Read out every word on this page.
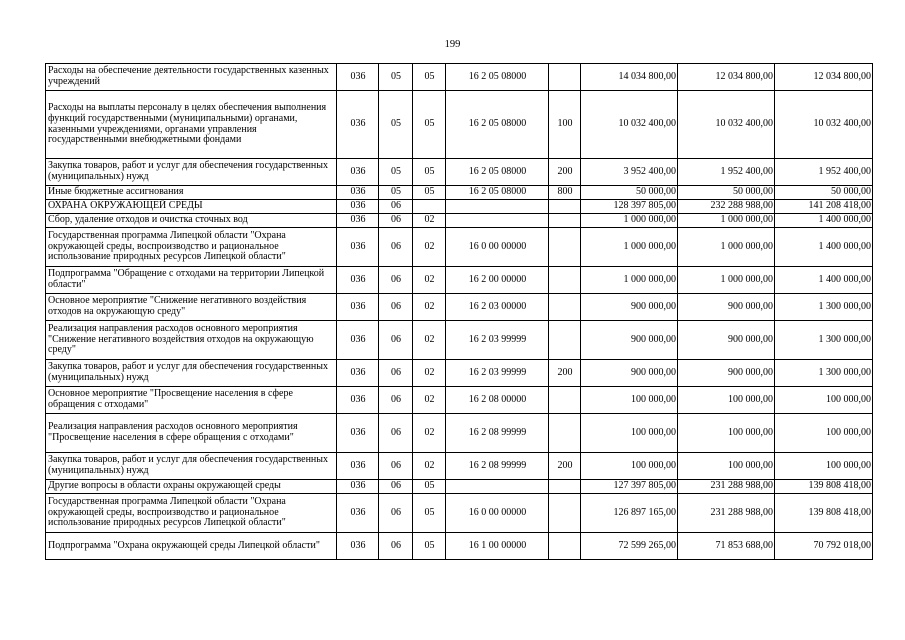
199
Расходы на обеспечение деятельности государственных казенных учреждений	036	05	05	16 2 05 08000		14 034 800,00	12 034 800,00	12 034 800,00
Расходы на выплаты персоналу в целях обеспечения выполнения функций государственными (муниципальными) органами, казенными учреждениями, органами управления государственными внебюджетными фондами	036	05	05	16 2 05 08000	100	10 032 400,00	10 032 400,00	10 032 400,00
Закупка товаров, работ и услуг для обеспечения государственных (муниципальных) нужд	036	05	05	16 2 05 08000	200	3 952 400,00	1 952 400,00	1 952 400,00
Иные бюджетные ассигнования	036	05	05	16 2 05 08000	800	50 000,00	50 000,00	50 000,00
ОХРАНА ОКРУЖАЮЩЕЙ СРЕДЫ	036	06				128 397 805,00	232 288 988,00	141 208 418,00
Сбор, удаление отходов и очистка сточных вод	036	06	02			1 000 000,00	1 000 000,00	1 400 000,00
Государственная программа Липецкой области "Охрана окружающей среды, воспроизводство и рациональное использование природных ресурсов Липецкой области"	036	06	02	16 0 00 00000		1 000 000,00	1 000 000,00	1 400 000,00
Подпрограмма "Обращение с отходами на территории Липецкой области"	036	06	02	16 2 00 00000		1 000 000,00	1 000 000,00	1 400 000,00
Основное мероприятие "Снижение негативного воздействия отходов на окружающую среду"	036	06	02	16 2 03 00000		900 000,00	900 000,00	1 300 000,00
Реализация направления расходов основного мероприятия "Снижение негативного воздействия отходов на окружающую среду"	036	06	02	16 2 03 99999		900 000,00	900 000,00	1 300 000,00
Закупка товаров, работ и услуг для обеспечения государственных (муниципальных) нужд	036	06	02	16 2 03 99999	200	900 000,00	900 000,00	1 300 000,00
Основное мероприятие "Просвещение населения в сфере обращения с отходами"	036	06	02	16 2 08 00000		100 000,00	100 000,00	100 000,00
Реализация направления расходов основного мероприятия "Просвещение населения в сфере обращения с отходами"	036	06	02	16 2 08 99999		100 000,00	100 000,00	100 000,00
Закупка товаров, работ и услуг для обеспечения государственных (муниципальных) нужд	036	06	02	16 2 08 99999	200	100 000,00	100 000,00	100 000,00
Другие вопросы в области охраны окружающей среды	036	06	05			127 397 805,00	231 288 988,00	139 808 418,00
Государственная программа Липецкой области "Охрана окружающей среды, воспроизводство и рациональное использование природных ресурсов Липецкой области"	036	06	05	16 0 00 00000		126 897 165,00	231 288 988,00	139 808 418,00
Подпрограмма "Охрана окружающей среды Липецкой области"	036	06	05	16 1 00 00000		72 599 265,00	71 853 688,00	70 792 018,00
